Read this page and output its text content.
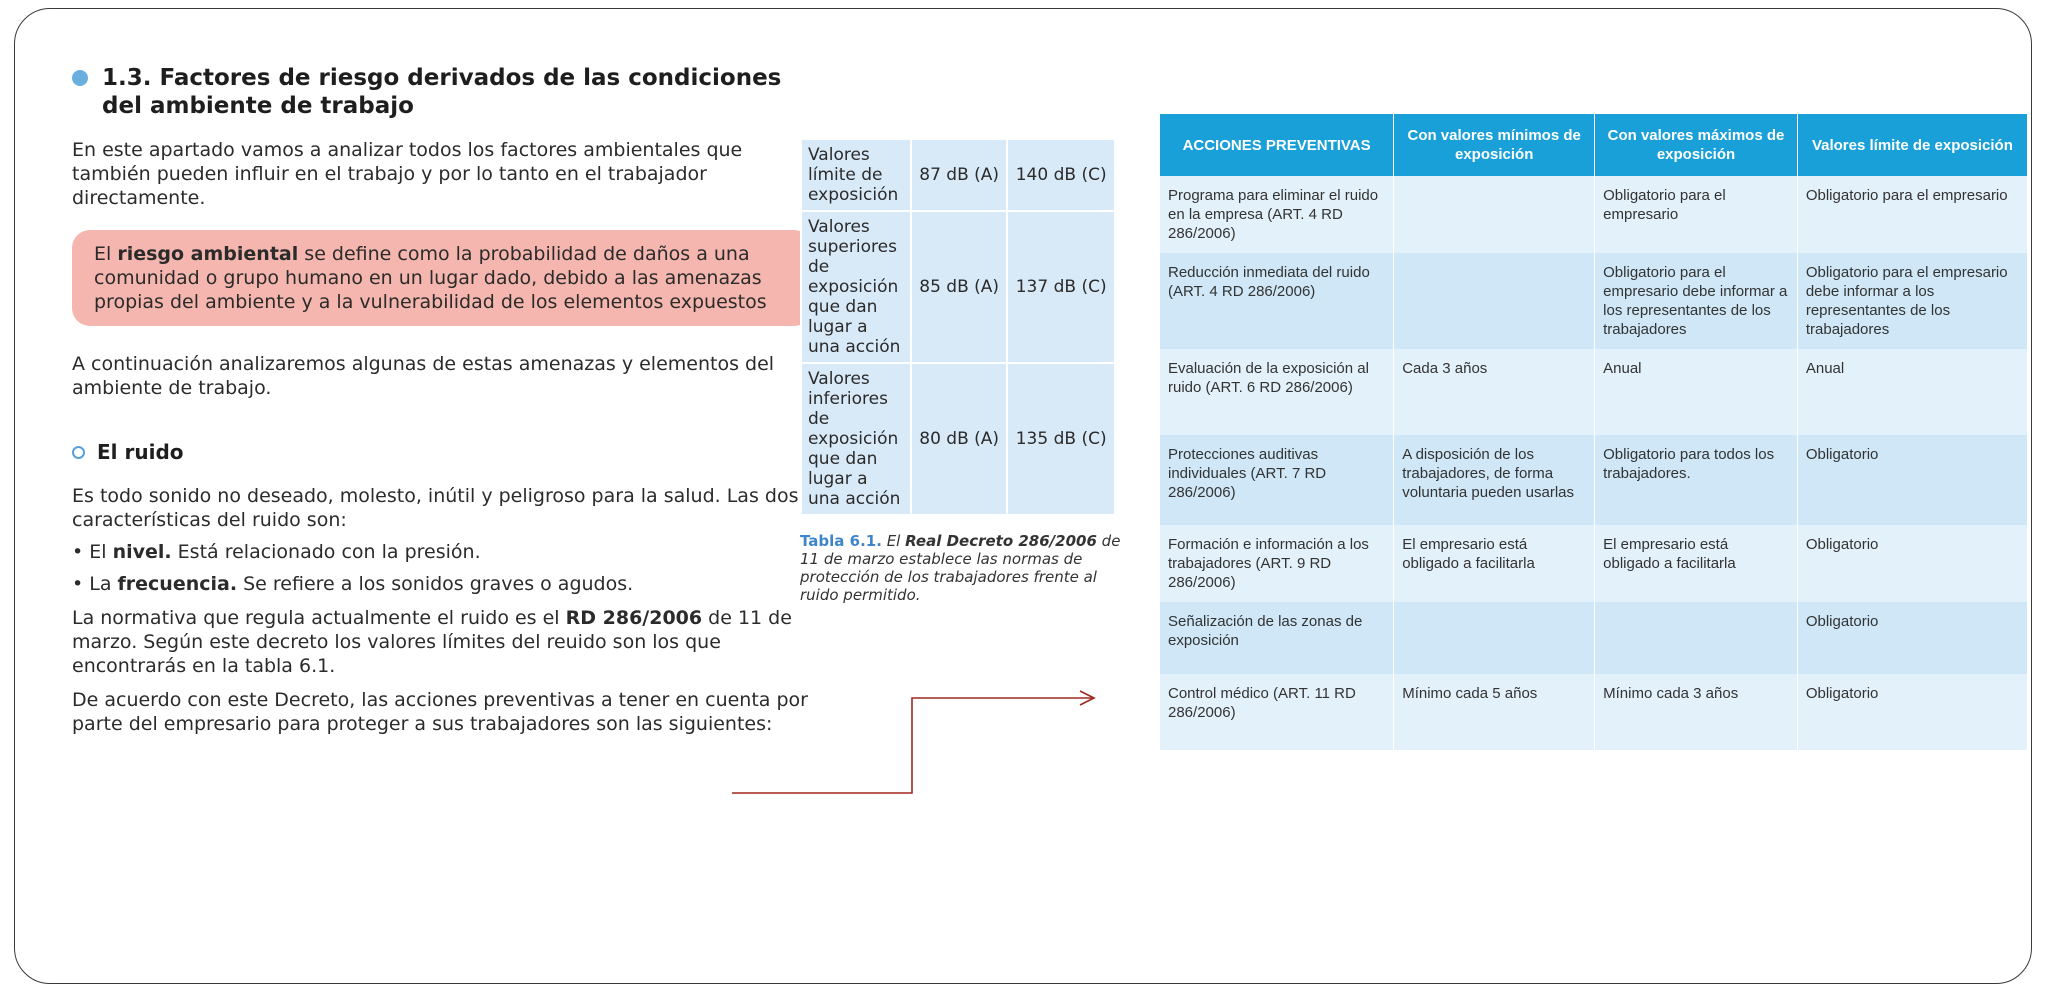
1.3. Factores de riesgo derivados de las condiciones del ambiente de trabajo

En este apartado vamos a analizar todos los factores ambientales que también pueden influir en el trabajo y por lo tanto en el trabajador directamente.

El riesgo ambiental se define como la probabilidad de daños a una comunidad o grupo humano en un lugar dado, debido a las amenazas propias del ambiente y a la vulnerabilidad de los elementos expuestos

A continuación analizaremos algunas de estas amenazas y elementos del ambiente de trabajo.

El ruido

Es todo sonido no deseado, molesto, inútil y peligroso para la salud. Las dos características del ruido son:

• El nivel. Está relacionado con la presión.
• La frecuencia. Se refiere a los sonidos graves o agudos.

La normativa que regula actualmente el ruido es el RD 286/2006 de 11 de marzo. Según este decreto los valores límites del reuido son los que encontrarás en la tabla 6.1.

De acuerdo con este Decreto, las acciones preventivas a tener en cuenta por parte del empresario para proteger a sus trabajadores son las siguientes:

Valores límite de exposición	87 dB (A)	140 dB (C)
Valores superiores de exposición que dan lugar a una acción	85 dB (A)	137 dB (C)
Valores inferiores de exposición que dan lugar a una acción	80 dB (A)	135 dB (C)
Tabla 6.1. El Real Decreto 286/2006 de 11 de marzo establece las normas de protección de los trabajadores frente al ruido permitido.
ACCIONES PREVENTIVAS	Con valores mínimos de exposición	Con valores máximos de exposición	Valores límite de exposición
Programa para eliminar el ruido en la empresa (ART. 4 RD 286/2006)		Obligatorio para el empresario	Obligatorio para el empresario
Reducción inmediata del ruido (ART. 4 RD 286/2006)		Obligatorio para el empresario debe informar a los representantes de los trabajadores	Obligatorio para el empresario debe informar a los representantes de los trabajadores
Evaluación de la exposición al ruido (ART. 6 RD 286/2006)	Cada 3 años	Anual	Anual
Protecciones auditivas individuales (ART. 7 RD 286/2006)	A disposición de los trabajadores, de forma voluntaria pueden usarlas	Obligatorio para todos los trabajadores.	Obligatorio
Formación e información a los trabajadores (ART. 9 RD 286/2006)	El empresario está obligado a facilitarla	El empresario está obligado a facilitarla	Obligatorio
Señalización de las zonas de exposición			Obligatorio
Control médico (ART. 11 RD 286/2006)	Mínimo cada 5 años	Mínimo cada 3 años	Obligatorio
